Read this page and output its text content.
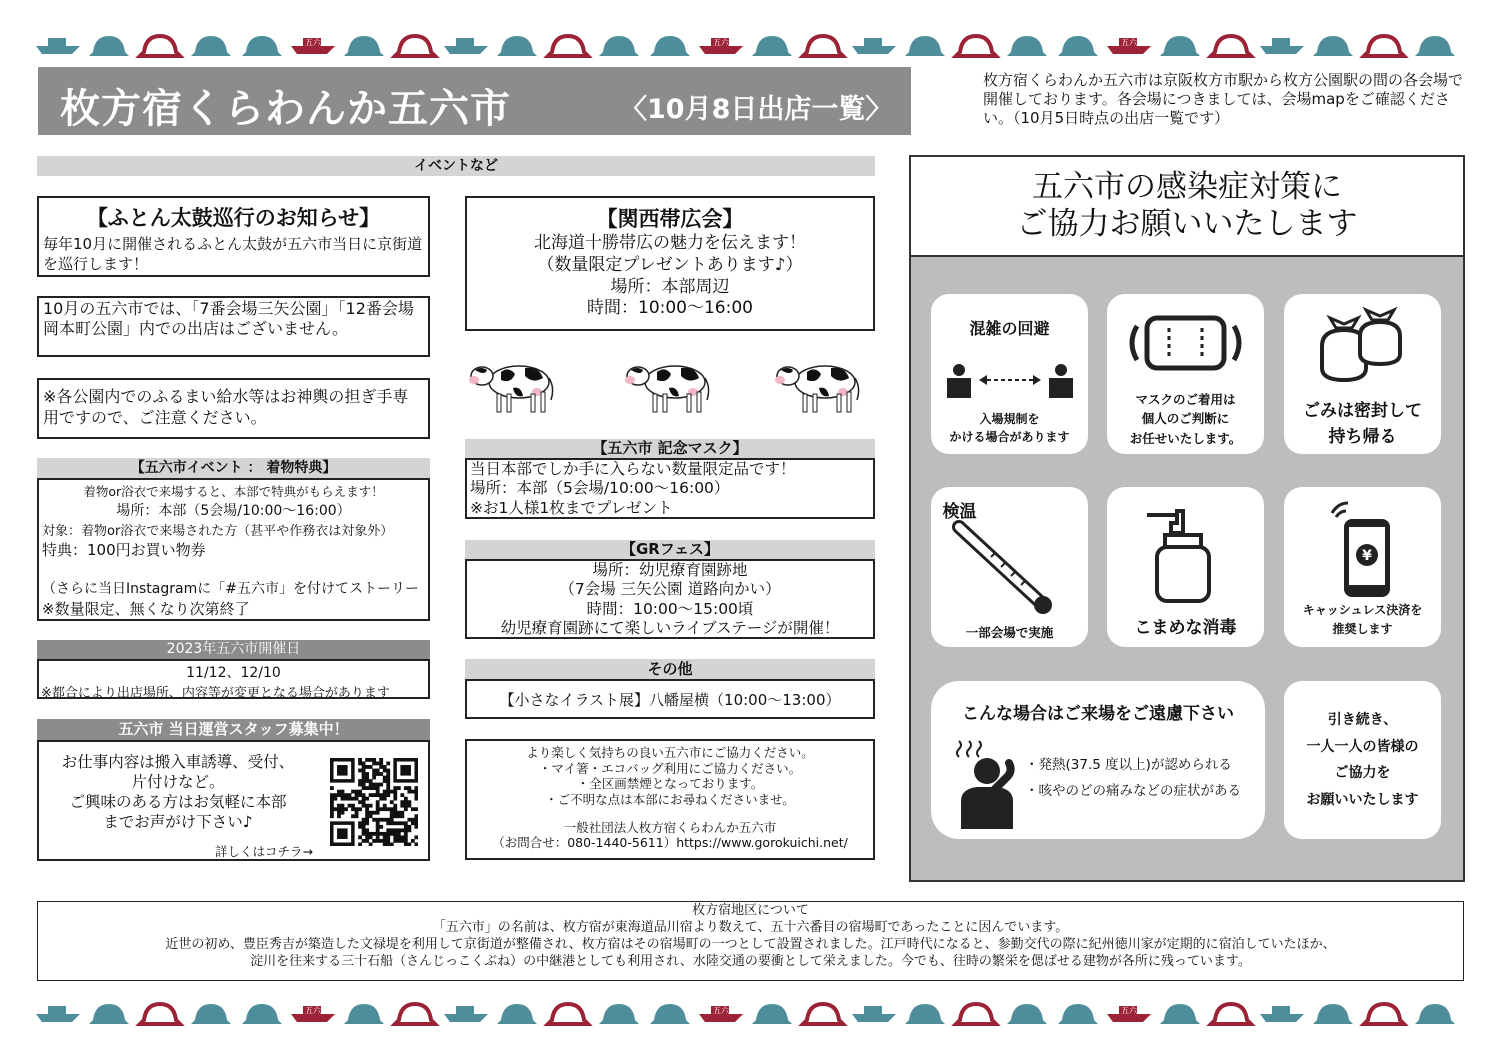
五六	五六	五六
枚方宿くらわんか五六市	〈10月8日出店一覧〉
枚方宿くらわんか五六市は京阪枚方市駅から枚方公園駅の間の各会場で開催しております。各会場につきましては、会場mapをご確認ください。（10月5日時点の出店一覧です）
イベントなど
【ふとん太鼓巡行のお知らせ】
毎年10月に開催されるふとん太鼓が五六市当日に京街道を巡行します！
10月の五六市では、「7番会場三矢公園」「12番会場岡本町公園」内での出店はございません。
※各公園内でのふるまい給水等はお神輿の担ぎ手専用ですので、ご注意ください。
【五六市イベント ： 着物特典】
着物or浴衣で来場すると、本部で特典がもらえます！
場所：本部（5会場/10:00〜16:00）
対象：着物or浴衣で来場された方（甚平や作務衣は対象外）
特典：100円お買い物券
（さらに当日Instagramに「#五六市」を付けてストーリー
※数量限定、無くなり次第終了
2023年五六市開催日
11/12、12/10
※都合により出店場所、内容等が変更となる場合があります
五六市 当日運営スタッフ募集中！
お仕事内容は搬入車誘導、受付、
片付けなど。
ご興味のある方はお気軽に本部
までお声がけ下さい♪
詳しくはコチラ→
【関西帯広会】
北海道十勝帯広の魅力を伝えます！
（数量限定プレゼントあります♪）
場所：本部周辺
時間：10:00〜16:00
【五六市 記念マスク】
当日本部でしか手に入らない数量限定品です！
場所：本部（5会場/10:00〜16:00）
※お1人様1枚までプレゼント
【GRフェス】
場所：幼児療育園跡地
（7会場 三矢公園 道路向かい）
時間：10:00〜15:00頃
幼児療育園跡にて楽しいライブステージが開催！
その他
【小さなイラスト展】八幡屋横（10:00〜13:00）
より楽しく気持ちの良い五六市にご協力ください。
・マイ箸・エコバッグ利用にご協力ください。
・全区画禁煙となっております。
・ご不明な点は本部にお尋ねくださいませ。
一般社団法人枚方宿くらわんか五六市
（お問合せ：080-1440-5611）https://www.gorokuichi.net/
五六市の感染症対策に
ご協力お願いいたします
混雑の回避
入場規制を
かける場合があります
マスクのご着用は
個人のご判断に
お任せいたします。
ごみは密封して
持ち帰る
検温
一部会場で実施	こまめな消毒
¥
キャッシュレス決済を
推奨します
こんな場合はご来場をご遠慮下さい
・発熱(37.5 度以上)が認められる
・咳やのどの痛みなどの症状がある
引き続き、
一人一人の皆様の
ご協力を
お願いいたします
枚方宿地区について
「五六市」の名前は、枚方宿が東海道品川宿より数えて、五十六番目の宿場町であったことに因んでいます。
近世の初め、豊臣秀吉が築造した文禄堤を利用して京街道が整備され、枚方宿はその宿場町の一つとして設置されました。江戸時代になると、参勤交代の際に紀州徳川家が定期的に宿泊していたほか、
淀川を往来する三十石船（さんじっこくぶね）の中継港としても利用され、水陸交通の要衝として栄えました。今でも、往時の繁栄を偲ばせる建物が各所に残っています。
五六	五六	五六
